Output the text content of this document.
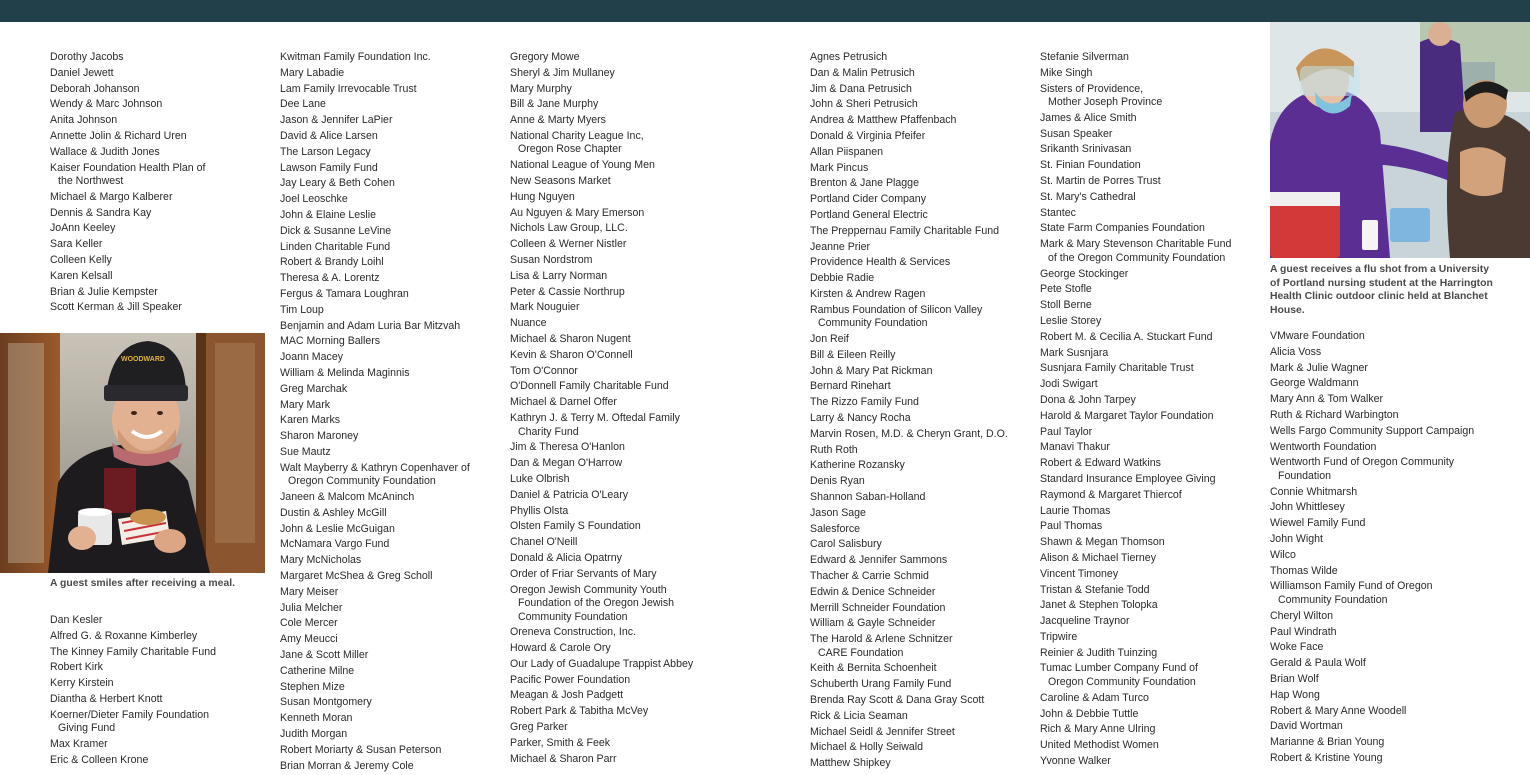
Dorothy Jacobs
Daniel Jewett
Deborah Johanson
Wendy & Marc Johnson
Anita Johnson
Annette Jolin & Richard Uren
Wallace & Judith Jones
Kaiser Foundation Health Plan of
the Northwest
Michael & Margo Kalberer
Dennis & Sandra Kay
JoAnn Keeley
Sara Keller
Colleen Kelly
Karen Kelsall
Brian & Julie Kempster
Scott Kerman & Jill Speaker
Dan Kesler
Alfred G. & Roxanne Kimberley
The Kinney Family Charitable Fund
Robert Kirk
Kerry Kirstein
Diantha & Herbert Knott
Koerner/Dieter Family Foundation
Giving Fund
Max Kramer
Eric & Colleen Krone
Kwitman Family Foundation Inc.
Mary Labadie
Lam Family Irrevocable Trust
Dee Lane
Jason & Jennifer LaPier
David & Alice Larsen
The Larson Legacy
Lawson Family Fund
Jay Leary & Beth Cohen
Joel Leoschke
John & Elaine Leslie
Dick & Susanne LeVine
Linden Charitable Fund
Robert & Brandy Loihl
Theresa & A. Lorentz
Fergus & Tamara Loughran
Tim Loup
Benjamin and Adam Luria Bar Mitzvah
MAC Morning Ballers
Joann Macey
William & Melinda Maginnis
Greg Marchak
Mary Mark
Karen Marks
Sharon Maroney
Sue Mautz
Walt Mayberry & Kathryn Copenhaver of
Oregon Community Foundation
Janeen & Malcom McAninch
Dustin & Ashley McGill
John & Leslie McGuigan
McNamara Vargo Fund
Mary McNicholas
Margaret McShea & Greg Scholl
Mary Meiser
Julia Melcher
Cole Mercer
Amy Meucci
Jane & Scott Miller
Catherine Milne
Stephen Mize
Susan Montgomery
Kenneth Moran
Judith Morgan
Robert Moriarty & Susan Peterson
Brian Morran & Jeremy Cole
Gregory Mowe
Sheryl & Jim Mullaney
Mary Murphy
Bill & Jane Murphy
Anne & Marty Myers
National Charity League Inc,
Oregon Rose Chapter
National League of Young Men
New Seasons Market
Hung Nguyen
Au Nguyen & Mary Emerson
Nichols Law Group, LLC.
Colleen & Werner Nistler
Susan Nordstrom
Lisa & Larry Norman
Peter & Cassie Northrup
Mark Nouguier
Nuance
Michael & Sharon Nugent
Kevin & Sharon O'Connell
Tom O'Connor
O'Donnell Family Charitable Fund
Michael & Darnel Offer
Kathryn J. & Terry M. Oftedal Family
Charity Fund
Jim & Theresa O'Hanlon
Dan & Megan O'Harrow
Luke Olbrish
Daniel & Patricia O'Leary
Phyllis Olsta
Olsten Family S Foundation
Chanel O'Neill
Donald & Alicia Opatrny
Order of Friar Servants of Mary
Oregon Jewish Community Youth
Foundation of the Oregon Jewish
Community Foundation
Oreneva Construction, Inc.
Howard & Carole Ory
Our Lady of Guadalupe Trappist Abbey
Pacific Power Foundation
Meagan & Josh Padgett
Robert Park & Tabitha McVey
Greg Parker
Parker, Smith & Feek
Michael & Sharon Parr
Agnes Petrusich
Dan & Malin Petrusich
Jim & Dana Petrusich
John & Sheri Petrusich
Andrea & Matthew Pfaffenbach
Donald & Virginia Pfeifer
Allan Piispanen
Mark Pincus
Brenton & Jane Plagge
Portland Cider Company
Portland General Electric
The Preppernau Family Charitable Fund
Jeanne Prier
Providence Health & Services
Debbie Radie
Kirsten & Andrew Ragen
Rambus Foundation of Silicon Valley
Community Foundation
Jon Reif
Bill & Eileen Reilly
John & Mary Pat Rickman
Bernard Rinehart
The Rizzo Family Fund
Larry & Nancy Rocha
Marvin Rosen, M.D. & Cheryn Grant, D.O.
Ruth Roth
Katherine Rozansky
Denis Ryan
Shannon Saban-Holland
Jason Sage
Salesforce
Carol Salisbury
Edward & Jennifer Sammons
Thacher & Carrie Schmid
Edwin & Denice Schneider
Merrill Schneider Foundation
William & Gayle Schneider
The Harold & Arlene Schnitzer
CARE Foundation
Keith & Bernita Schoenheit
Schuberth Urang Family Fund
Brenda Ray Scott & Dana Gray Scott
Rick & Licia Seaman
Michael Seidl & Jennifer Street
Michael & Holly Seiwald
Matthew Shipkey
Stefanie Silverman
Mike Singh
Sisters of Providence,
Mother Joseph Province
James & Alice Smith
Susan Speaker
Srikanth Srinivasan
St. Finian Foundation
St. Martin de Porres Trust
St. Mary's Cathedral
Stantec
State Farm Companies Foundation
Mark & Mary Stevenson Charitable Fund
of the Oregon Community Foundation
George Stockinger
Pete Stofle
Stoll Berne
Leslie Storey
Robert M. & Cecilia A. Stuckart Fund
Mark Susnjara
Susnjara Family Charitable Trust
Jodi Swigart
Dona & John Tarpey
Harold & Margaret Taylor Foundation
Paul Taylor
Manavi Thakur
Robert & Edward Watkins
Standard Insurance Employee Giving
Raymond & Margaret Thiercof
Laurie Thomas
Paul Thomas
Shawn & Megan Thomson
Alison & Michael Tierney
Vincent Timoney
Tristan & Stefanie Todd
Janet & Stephen Tolopka
Jacqueline Traynor
Tripwire
Reinier & Judith Tuinzing
Tumac Lumber Company Fund of
Oregon Community Foundation
Caroline & Adam Turco
John & Debbie Tuttle
Rich & Mary Anne Ulring
United Methodist Women
Yvonne Walker
VMware Foundation
Alicia Voss
Mark & Julie Wagner
George Waldmann
Mary Ann & Tom Walker
Ruth & Richard Warbington
Wells Fargo Community Support Campaign
Wentworth Foundation
Wentworth Fund of Oregon Community
Foundation
Connie Whitmarsh
John Whittlesey
Wiewel Family Fund
John Wight
Wilco
Thomas Wilde
Williamson Family Fund of Oregon
Community Foundation
Cheryl Wilton
Paul Windrath
Woke Face
Gerald & Paula Wolf
Brian Wolf
Hap Wong
Robert & Mary Anne Woodell
David Wortman
Marianne & Brian Young
Robert & Kristine Young
WOODWARD

A guest smiles after receiving a meal.

A guest receives a flu shot from a University of Portland nursing student at the Harrington Health Clinic outdoor clinic held at Blanchet House.
